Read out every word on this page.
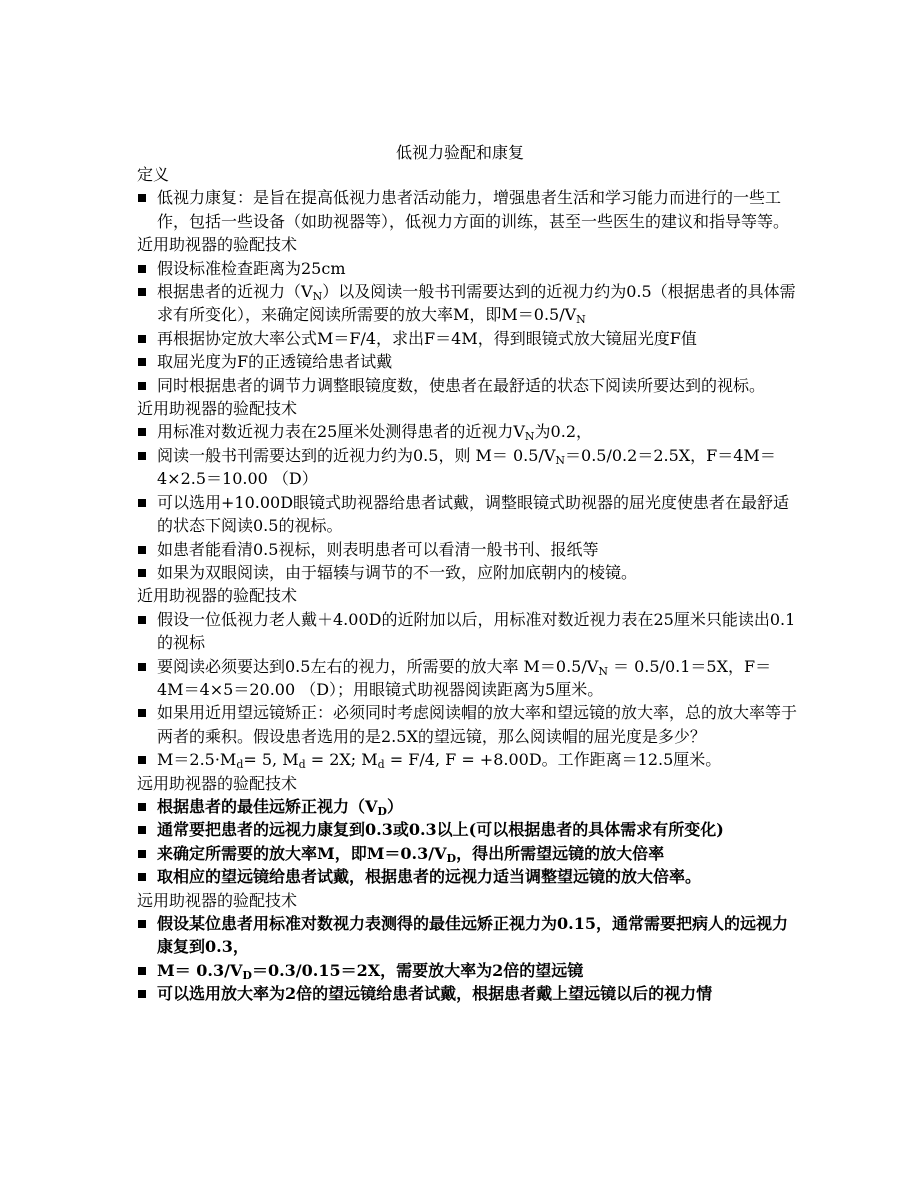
低视力验配和康复
定义
低视力康复：是旨在提高低视力患者活动能力，增强患者生活和学习能力而进行的一些工作，包括一些设备（如助视器等），低视力方面的训练，甚至一些医生的建议和指导等等。
近用助视器的验配技术
假设标准检查距离为25cm
根据患者的近视力$(V_N)$以及阅读一般书刊需要达到的近视力约为0.5（根据患者的具体需求有所变化），来确定阅读所需要的放大率M，即$M=0.5/V_N$
再根据协定放大率公式M＝F/4，求出F＝4M，得到眼镜式放大镜屈光度F值
取屈光度为F的正透镜给患者试戴
同时根据患者的调节力调整眼镜度数，使患者在最舒适的状态下阅读所要达到的视标。
近用助视器的验配技术
用标准对数近视力表在25厘米处测得患者的近视力$V_N$为0.2，
阅读一般书刊需要达到的近视力约为0.5，则 $M= 0.5/V_N=0.5/0.2=2.5X$，F＝4M＝4×2.5＝10.00 （D）
可以选用+10.00D眼镜式助视器给患者试戴，调整眼镜式助视器的屈光度使患者在最舒适的状态下阅读0.5的视标。
如患者能看清0.5视标，则表明患者可以看清一般书刊、报纸等
如果为双眼阅读，由于辐辏与调节的不一致，应附加底朝内的棱镜。
近用助视器的验配技术
假设一位低视力老人戴＋4.00D的近附加以后，用标准对数近视力表在25厘米只能读出0.1的视标
要阅读必须要达到0.5左右的视力，所需要的放大率 $M=0.5/V_N = 0.5/0.1=5X$，F＝4M＝4×5＝20.00 （D）；用眼镜式助视器阅读距离为5厘米。
如果用近用望远镜矫正：必须同时考虑阅读帽的放大率和望远镜的放大率，总的放大率等于两者的乘积。假设患者选用的是2.5X的望远镜，那么阅读帽的屈光度是多少？
$M=2.5\cdot M_d= 5$, $M_d = 2X$; $M_d = F/4$, F = +8.00D。工作距离＝12.5厘米。
远用助视器的验配技术
根据患者的最佳远矫正视力$(V_D)$
通常要把患者的远视力康复到0.3或0.3以上(可以根据患者的具体需求有所变化)
来确定所需要的放大率M，即$M=0.3/V_D$，得出所需望远镜的放大倍率
取相应的望远镜给患者试戴，根据患者的远视力适当调整望远镜的放大倍率。
远用助视器的验配技术
假设某位患者用标准对数视力表测得的最佳远矫正视力为0.15，通常需要把病人的远视力康复到0.3，
$M= 0.3/V_D=0.3/0.15=2X$，需要放大率为2倍的望远镜
可以选用放大率为2倍的望远镜给患者试戴，根据患者戴上望远镜以后的视力情
